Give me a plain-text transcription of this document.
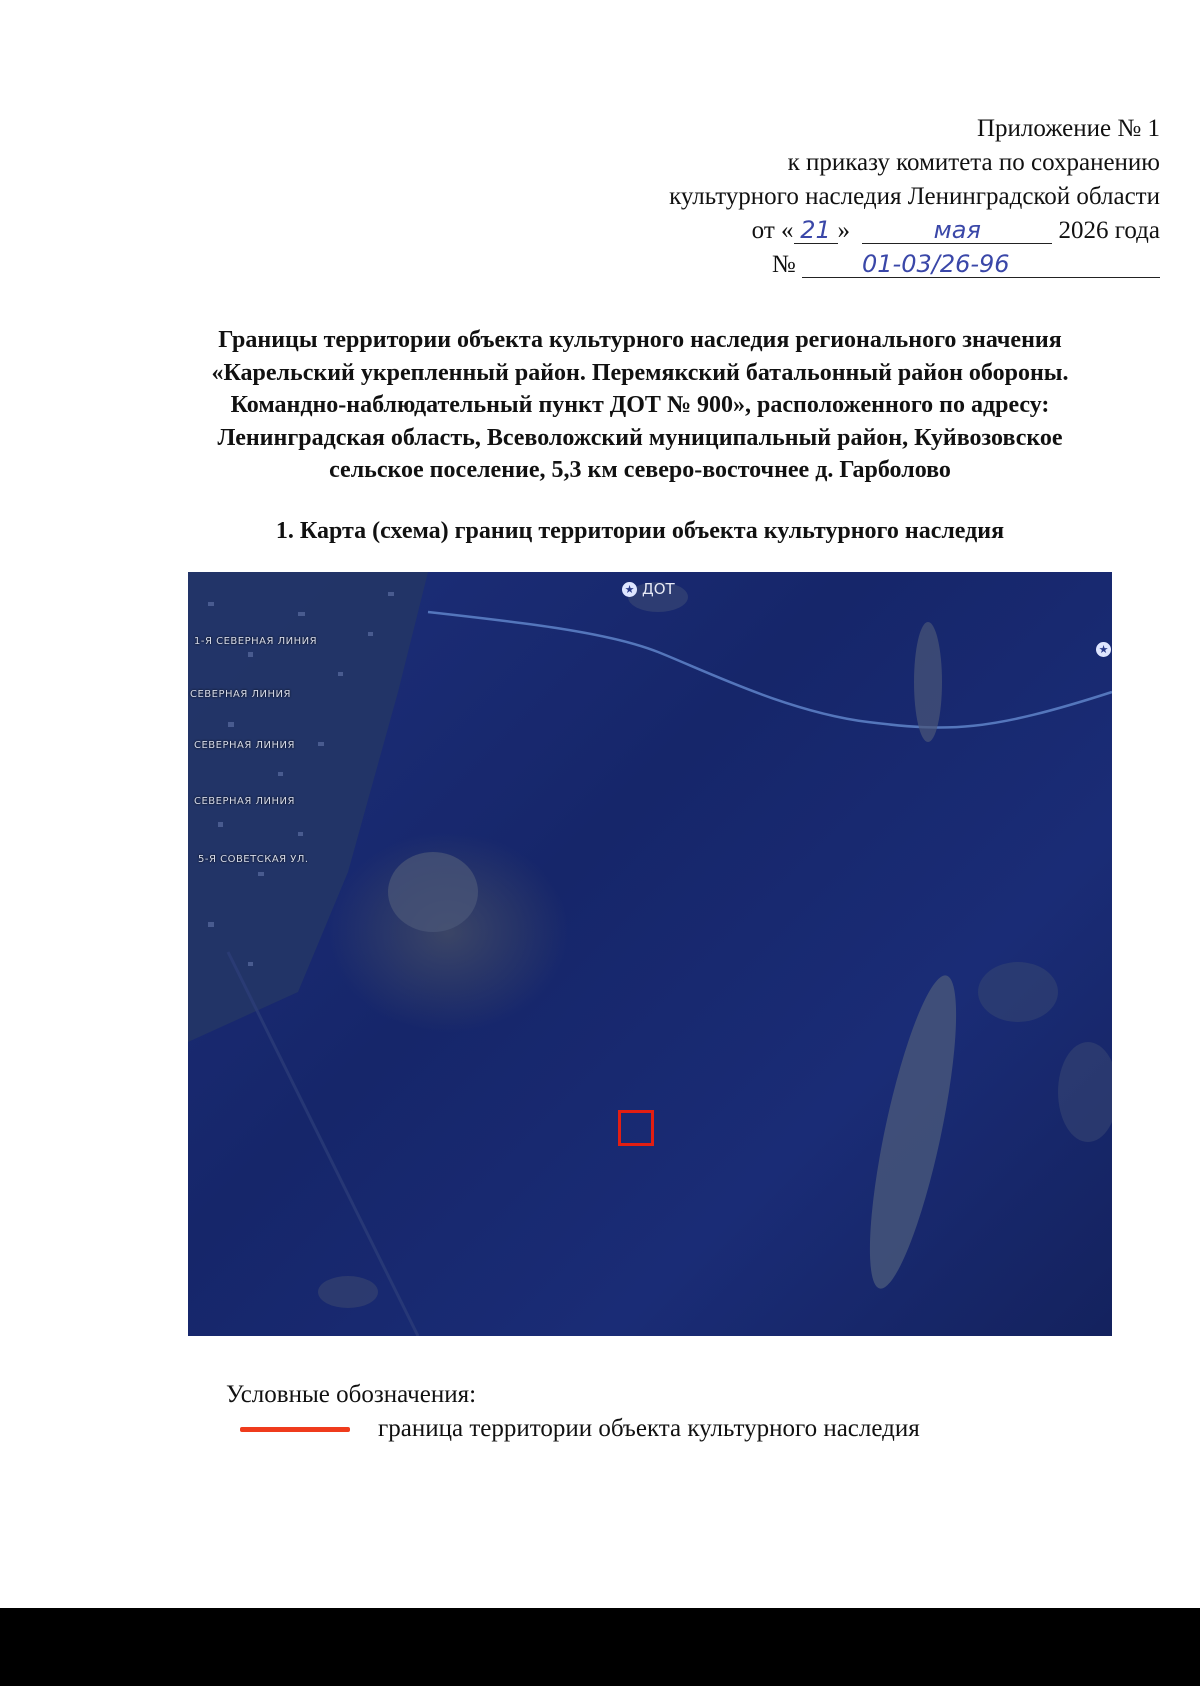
Приложение № 1
к приказу комитета по сохранению
культурного наследия Ленинградской области
от « 21 »	мая	2026 года
№	01-03/26-96
Границы территории объекта культурного наследия регионального значения
«Карельский укрепленный район. Перемякский батальонный район обороны.
Командно-наблюдательный пункт ДОТ № 900», расположенного по адресу:
Ленинградская область, Всеволожский муниципальный район, Куйвозовское
сельское поселение, 5,3 км северо-восточнее д. Гарболово
1. Карта (схема) границ территории объекта культурного наследия
1-Я СЕВЕРНАЯ ЛИНИЯ
СЕВЕРНАЯ ЛИНИЯ
СЕВЕРНАЯ ЛИНИЯ
СЕВЕРНАЯ ЛИНИЯ
5-Я СОВЕТСКАЯ УЛ.
★ ДОТ
★
Условные обозначения:
граница территории объекта культурного наследия
